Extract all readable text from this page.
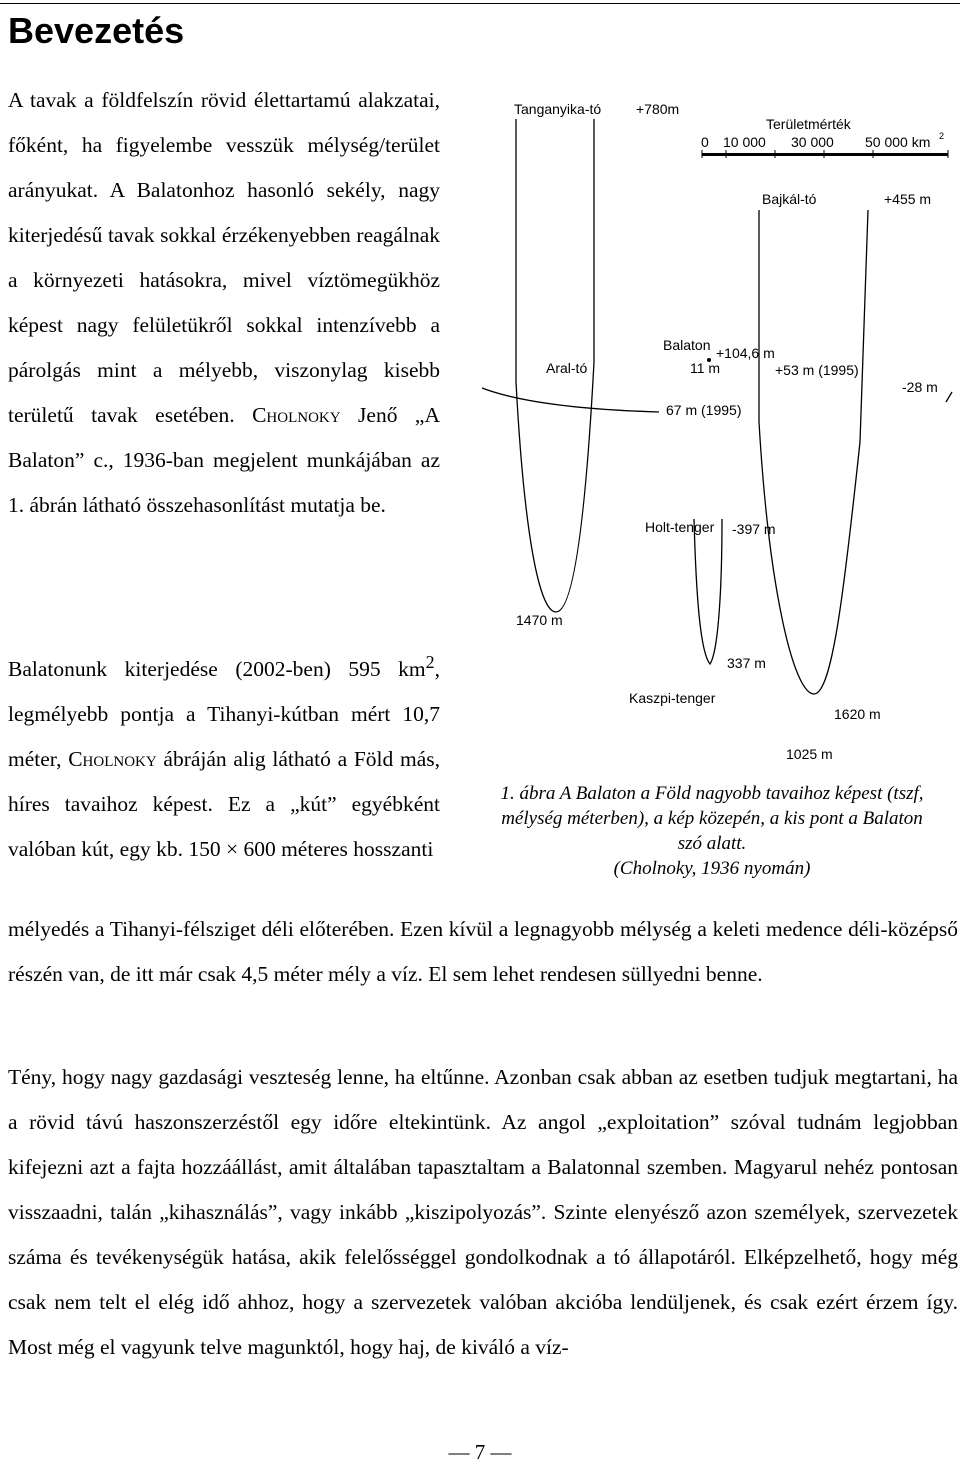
Bevezetés

A tavak a földfelszín rövid élettartamú alakzatai, főként, ha figyelembe vesszük mélység/terület arányukat. A Balatonhoz hasonló sekély, nagy kiterjedésű tavak sokkal érzékenyebben reagálnak a környezeti hatásokra, mivel víztömegükhöz képest nagy felületükről sokkal intenzívebb a párolgás mint a mélyebb, viszonylag kisebb területű tavak esetében. Cholnoky Jenő „A Balaton” c., 1936-ban megjelent munkájában az 1. ábrán látható összehasonlítást mutatja be.

Balatonunk kiterjedése (2002-ben) 595 $km^2$, legmélyebb pontja a Tihanyi-kútban mért 10,7 méter, Cholnoky ábráján alig látható a Föld más, híres tavaihoz képest. Ez a „kút” egyébként valóban kút, egy kb. 150 × 600 méteres hosszanti

mélyedés a Tihanyi-félsziget déli előterében. Ezen kívül a legnagyobb mélység a keleti medence déli-középső részén van, de itt már csak 4,5 méter mély a víz. El sem lehet rendesen süllyedni benne.

Tény, hogy nagy gazdasági veszteség lenne, ha eltűnne. Azonban csak abban az esetben tudjuk megtartani, ha a rövid távú haszonszerzéstől egy időre eltekintünk. Az angol „exploitation” szóval tudnám legjobban kifejezni azt a fajta hozzáállást, amit általában tapasztaltam a Balatonnal szemben. Magyarul nehéz pontosan visszaadni, talán „kihasználás”, vagy inkább „kiszipolyozás”. Szinte elenyésző azon személyek, szervezetek száma és tevékenységük hatása, akik felelősséggel gondolkodnak a tó állapotáról. Elképzelhető, hogy még csak nem telt el elég idő ahhoz, hogy a szervezetek valóban akcióba lendüljenek, és csak ezért érzem így. Most még el vagyunk telve magunktól, hogy haj, de kiváló a víz-

Területmérték
0 10 000 30 000 50 000 km 2
Tanganyika-tó +780m
1470 m
Bajkál-tó	+455 m
1620 m
Balaton +104,6 m
11 m
Aral-tó	+53 m (1995)
67 m (1995)
-28 m
Holt-tenger -397 m
337 m
Kaszpi-tenger
1025 m
1. ábra A Balaton a Föld nagyobb tavaihoz képest (tszf,
mélység méterben), a kép közepén, a kis pont a Balaton
szó alatt.
(Cholnoky, 1936 nyomán)
— 7 —
